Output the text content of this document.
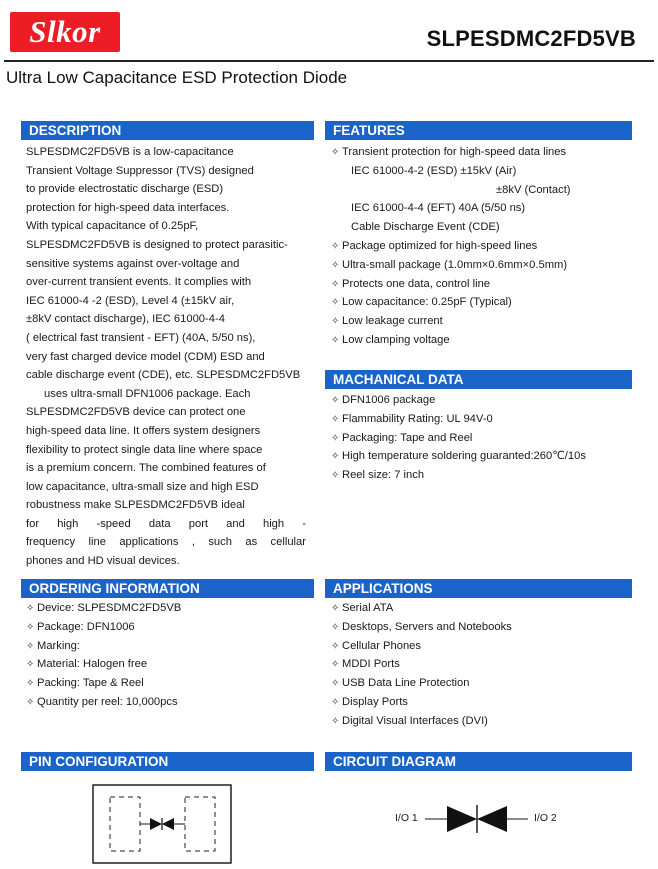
Slkor	SLPESDMC2FD5VB
Ultra Low Capacitance ESD Protection Diode
DESCRIPTION

SLPESDMC2FD5VB is a low-capacitance

Transient Voltage Suppressor (TVS) designed

to provide electrostatic discharge (ESD)

protection for high-speed data interfaces.

With typical capacitance of 0.25pF,

SLPESDMC2FD5VB is designed to protect parasitic-

sensitive systems against over-voltage and

over-current transient events. It complies with

IEC 61000-4 -2 (ESD), Level 4 (±15kV air,

±8kV contact discharge), IEC 61000-4-4

( electrical fast transient - EFT) (40A, 5/50 ns),

very fast charged device model (CDM) ESD and

cable discharge event (CDE), etc. SLPESDMC2FD5VB

uses ultra-small DFN1006 package. Each

SLPESDMC2FD5VB device can protect one

high-speed data line. It offers system designers

flexibility to protect single data line where space

is a premium concern. The combined features of

low capacitance, ultra-small size and high ESD

robustness make SLPESDMC2FD5VB ideal

for high -speed data port and high -

frequency line applications , such as cellular

phones and HD visual devices.

FEATURES
✧ Transient protection for high-speed data lines
IEC 61000-4-2 (ESD) ±15kV (Air)
±8kV (Contact)
IEC 61000-4-4 (EFT) 40A (5/50 ns)
Cable Discharge Event (CDE)
✧ Package optimized for high-speed lines
✧ Ultra-small package (1.0mm×0.6mm×0.5mm)
✧ Protects one data, control line
✧ Low capacitance: 0.25pF (Typical)
✧ Low leakage current
✧ Low clamping voltage
MACHANICAL DATA
✧ DFN1006 package
✧ Flammability Rating: UL 94V-0
✧ Packaging: Tape and Reel
✧ High temperature soldering guaranted:260℃/10s
✧ Reel size: 7 inch
ORDERING INFORMATION
✧ Device: SLPESDMC2FD5VB
✧ Package: DFN1006
✧ Marking:
✧ Material: Halogen free
✧ Packing: Tape & Reel
✧ Quantity per reel: 10,000pcs
APPLICATIONS
✧ Serial ATA
✧ Desktops, Servers and Notebooks
✧ Cellular Phones
✧ MDDI Ports
✧ USB Data Line Protection
✧ Display Ports
✧ Digital Visual Interfaces (DVI)
PIN CONFIGURATION	CIRCUIT DIAGRAM
I/O 1	I/O 2
